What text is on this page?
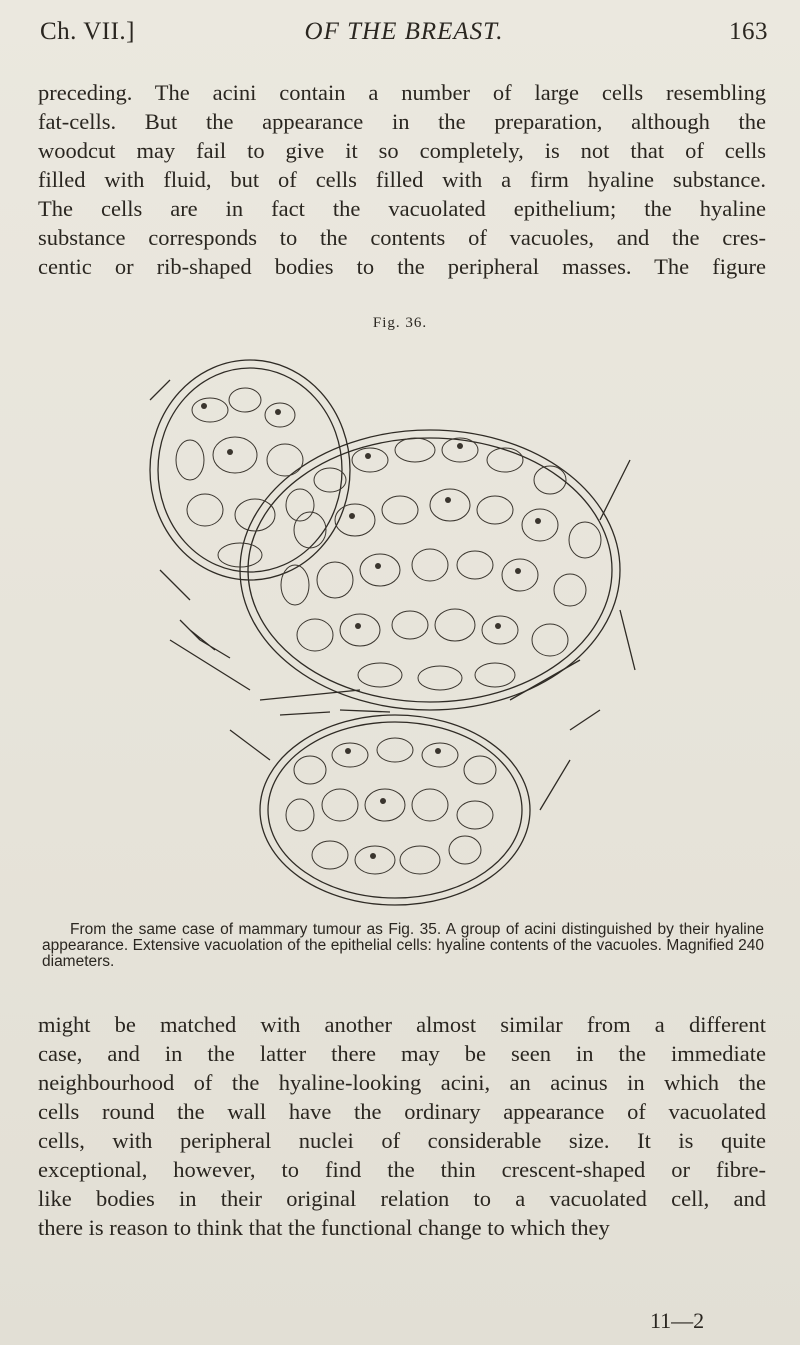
Ch. VII.]	OF THE BREAST.	163

preceding. The acini contain a number of large cells resembling

fat-cells. But the appearance in the preparation, although the

woodcut may fail to give it so completely, is not that of cells

filled with fluid, but of cells filled with a firm hyaline substance.

The cells are in fact the vacuolated epithelium; the hyaline

substance corresponds to the contents of vacuoles, and the cres-

centic or rib-shaped bodies to the peripheral masses. The figure

Fig. 36.
From the same case of mammary tumour as Fig. 35. A group of acini distinguished by their hyaline appearance. Extensive vacuolation of the epithelial cells: hyaline contents of the vacuoles. Magnified 240 diameters.

might be matched with another almost similar from a different

case, and in the latter there may be seen in the immediate

neighbourhood of the hyaline-looking acini, an acinus in which the

cells round the wall have the ordinary appearance of vacuolated

cells, with peripheral nuclei of considerable size. It is quite

exceptional, however, to find the thin crescent-shaped or fibre-

like bodies in their original relation to a vacuolated cell, and

there is reason to think that the functional change to which they

11—2
